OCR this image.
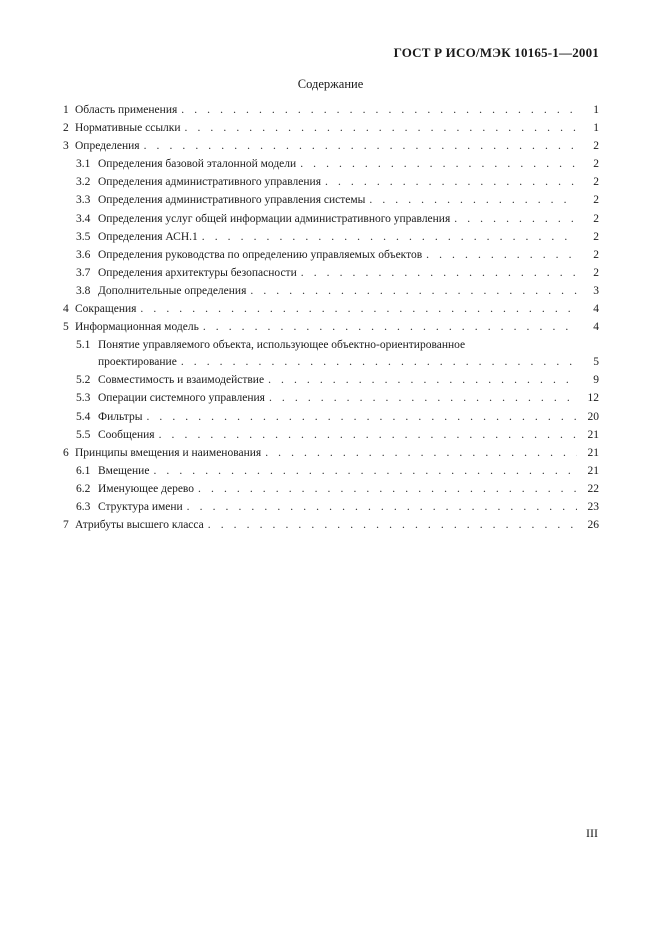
ГОСТ Р ИСО/МЭК 10165-1—2001
Содержание
1 Область применения . . .	1
2 Нормативные ссылки . . .	1
3 Определения . . .	2
3.1 Определения базовой эталонной модели . . .	2
3.2 Определения административного управления . . .	2
3.3 Определения административного управления системы . . .	2
3.4 Определения услуг общей информации административного управления . . .	2
3.5 Определения АСН.1 . . .	2
3.6 Определения руководства по определению управляемых объектов . . .	2
3.7 Определения архитектуры безопасности . . .	2
3.8 Дополнительные определения . . .	3
4 Сокращения . . .	4
5 Информационная модель . . .	4
5.1 Понятие управляемого объекта, использующее объектно-ориентированное
проектирование . . .	5
5.2 Совместимость и взаимодействие . . .	9
5.3 Операции системного управления . . .	12
5.4 Фильтры . . .	20
5.5 Сообщения . . .	21
6 Принципы вмещения и наименования . . .	21
6.1 Вмещение . . .	21
6.2 Именующее дерево . . .	22
6.3 Структура имени . . .	23
7 Атрибуты высшего класса . . .	26
III
